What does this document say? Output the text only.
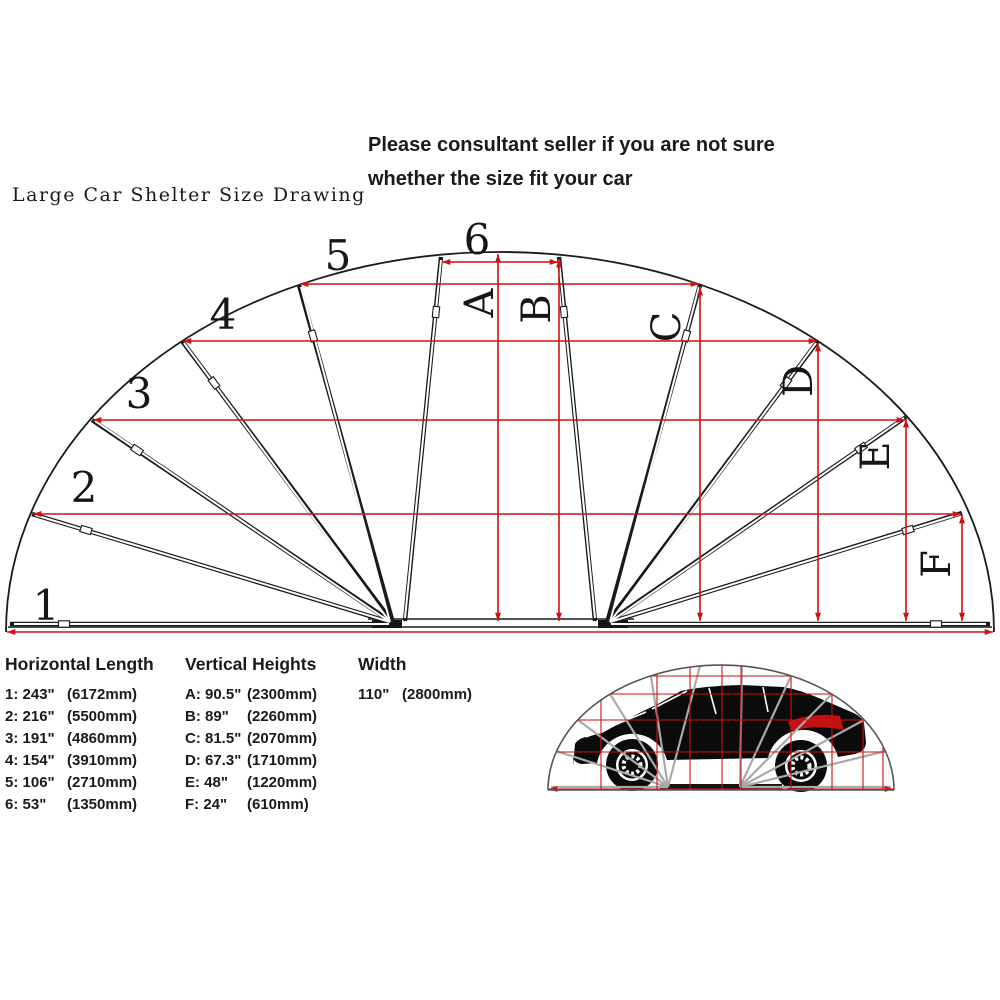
Large Car Shelter Size Drawing
Please consultant seller if you are not sure
whether the size fit your car
1
2
3
4
5	6
A B
C
D
E
F
Horizontal Length
1: 243" (6172mm)
2: 216" (5500mm)
3: 191" (4860mm)
4: 154" (3910mm)
5: 106" (2710mm)
6: 53"	(1350mm)
Vertical Heights
A: 90.5" (2300mm)
B: 89"	(2260mm)
C: 81.5" (2070mm)
D: 67.3" (1710mm)
E: 48"	(1220mm)
F: 24"	(610mm)
Width
110" (2800mm)
